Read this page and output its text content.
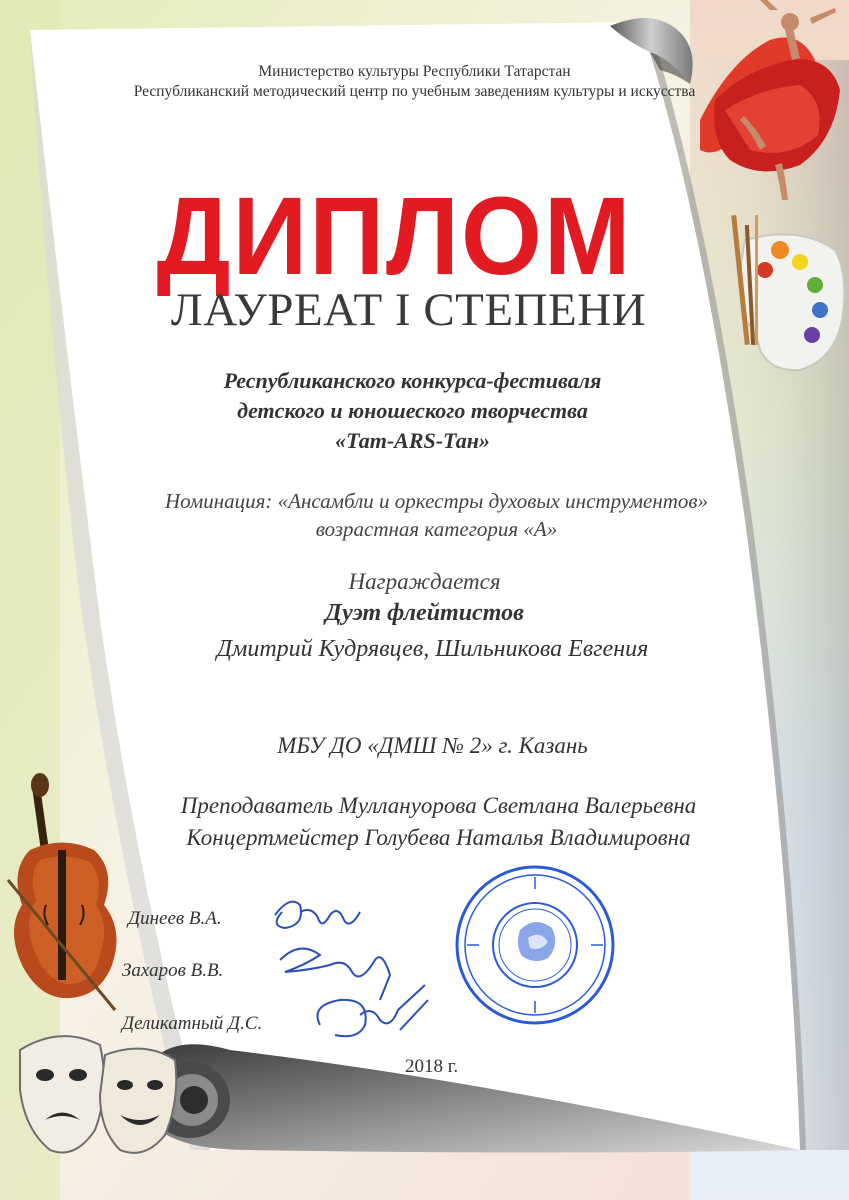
Министерство культуры Республики Татарстан
Республиканский методический центр по учебным заведениям культуры и искусства
ДИПЛОМ
ЛАУРЕАТ I СТЕПЕНИ
Республиканского конкурса-фестиваля
детского и юношеского творчества
«Тат-ARS-Тан»
Номинация: «Ансамбли и оркестры духовых инструментов»
возрастная категория «А»
Награждается
Дуэт флейтистов
Дмитрий Кудрявцев, Шильникова Евгения
МБУ ДО «ДМШ № 2» г. Казань
Преподаватель Муллануорова Светлана Валерьевна
Концертмейстер Голубева Наталья Владимировна
Динеев В.А.
Захаров В.В.
Деликатный Д.С.
2018 г.
